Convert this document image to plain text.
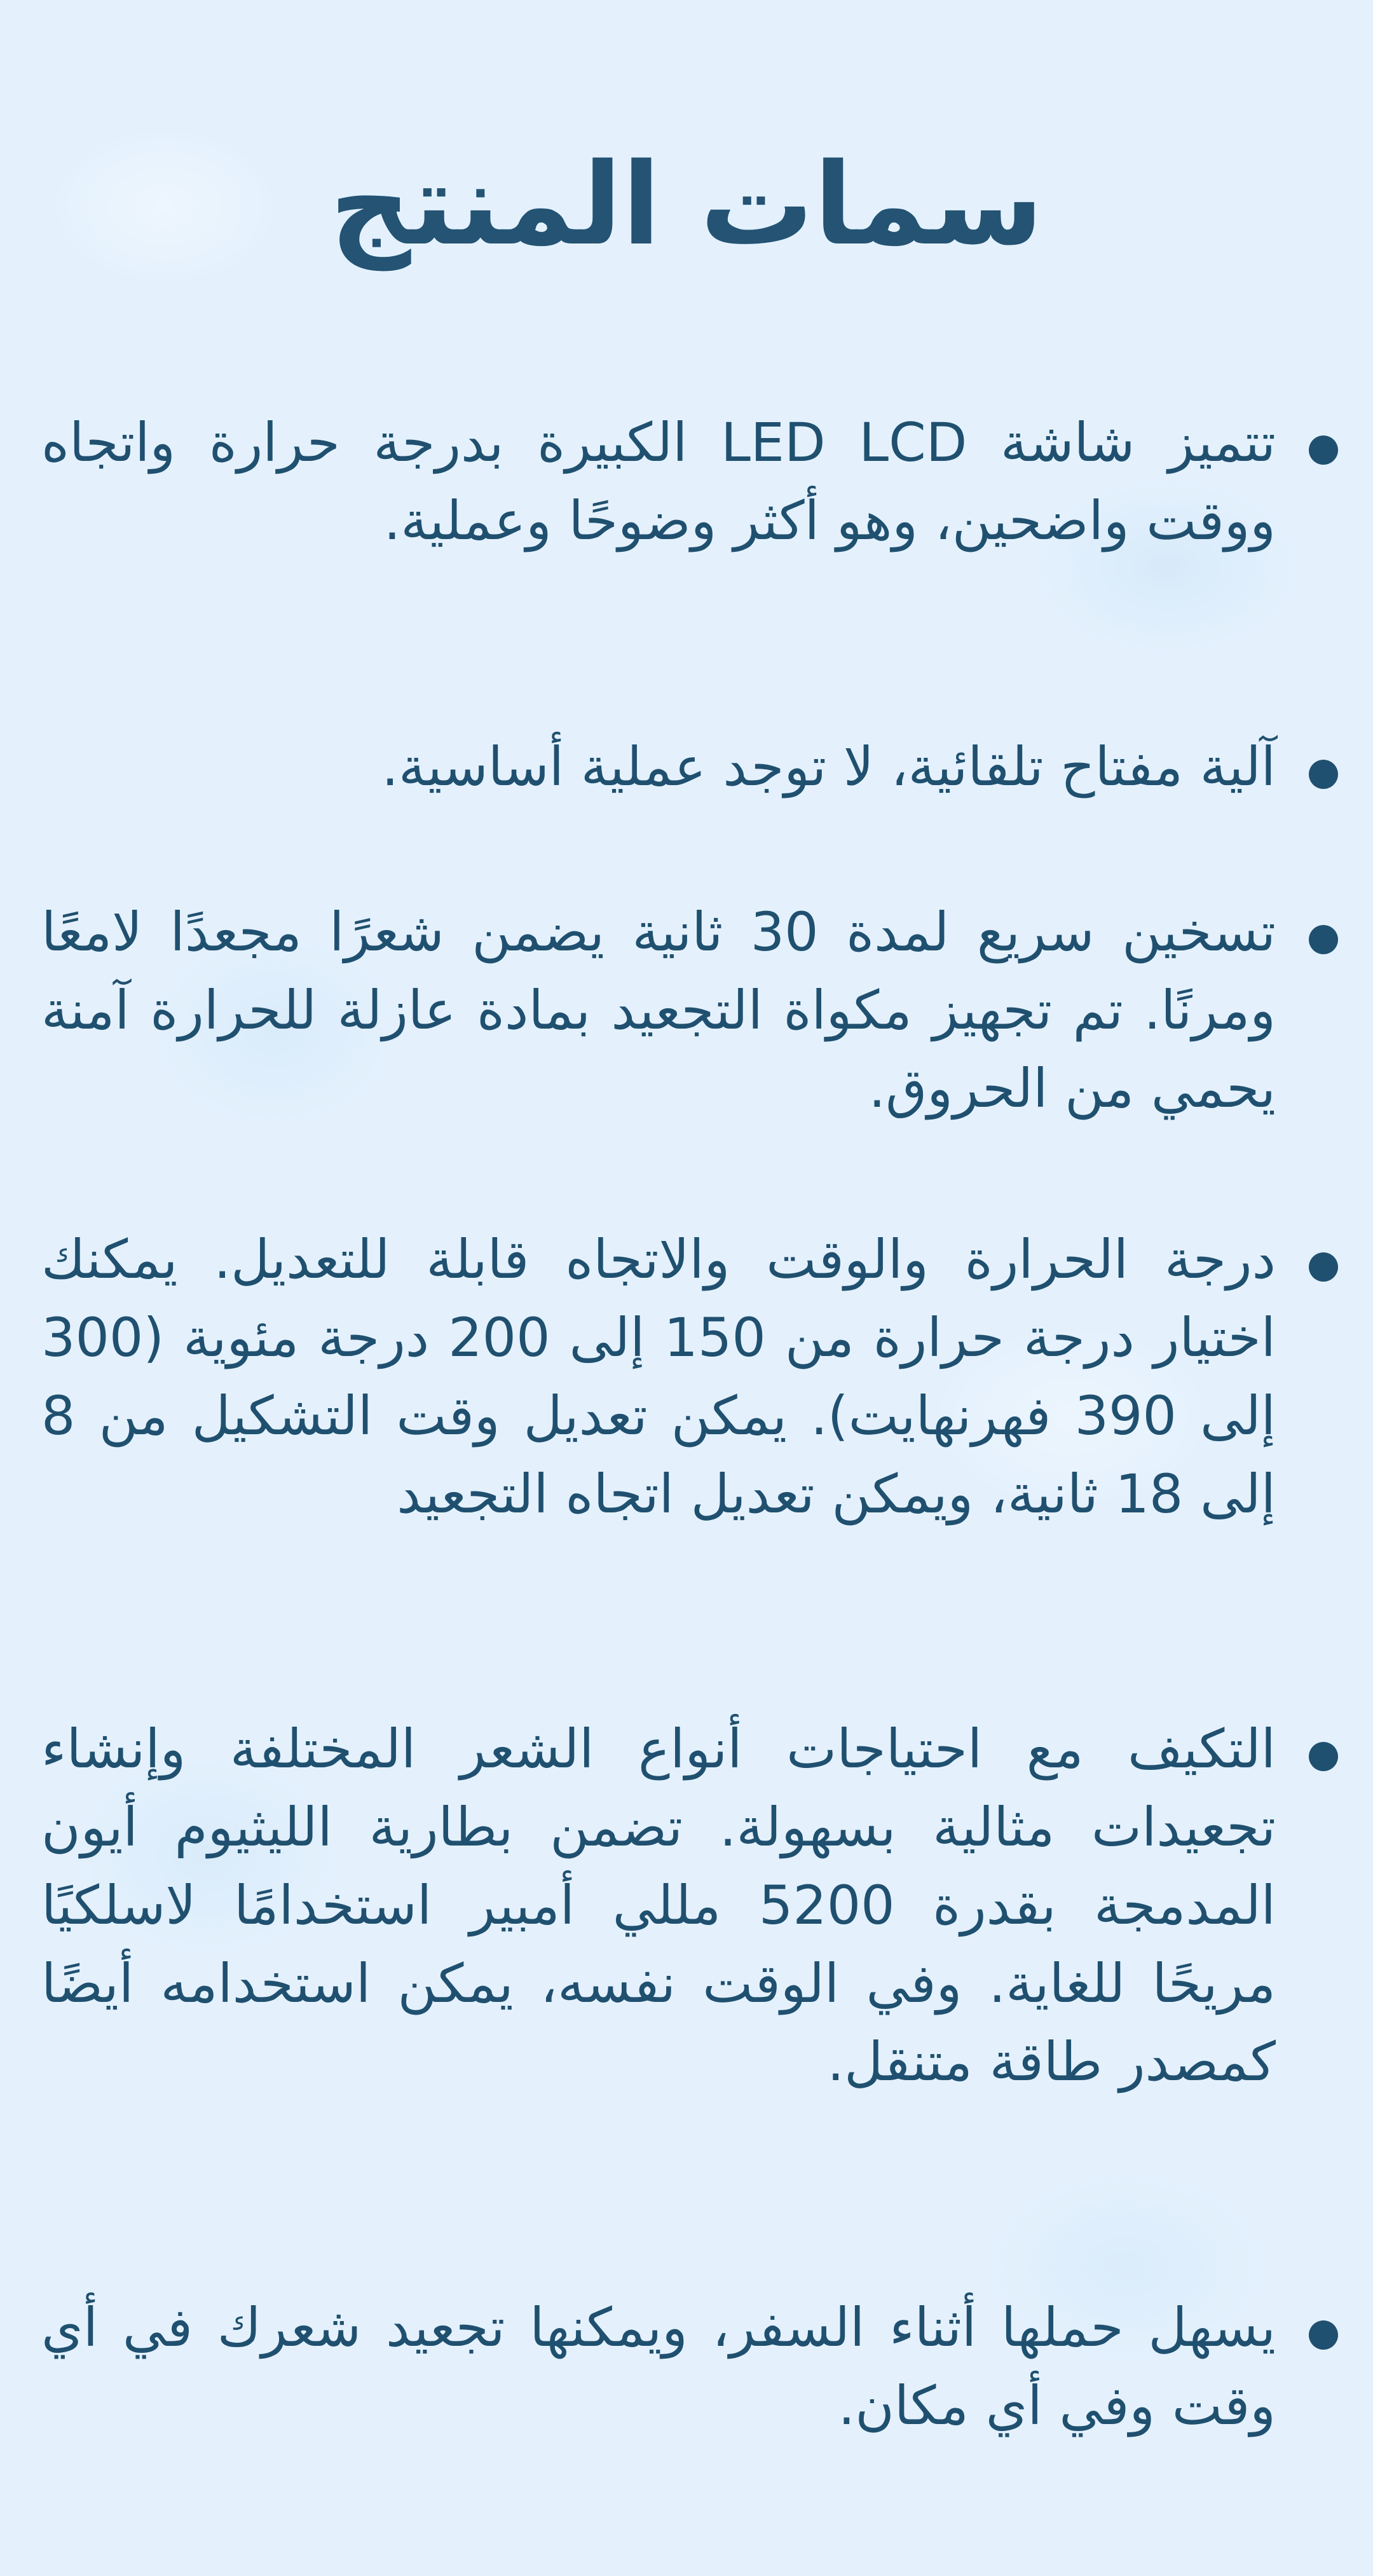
سمات المنتج

تتميز شاشة LED LCD الكبيرة بدرجة حرارة واتجاه ووقت واضحين، وهو أكثر وضوحًا وعملية.

آلية مفتاح تلقائية، لا توجد عملية أساسية.

تسخين سريع لمدة 30 ثانية يضمن شعرًا مجعدًا لامعًا ومرنًا. تم تجهيز مكواة التجعيد بمادة عازلة للحرارة آمنة يحمي من الحروق.

درجة الحرارة والوقت والاتجاه قابلة للتعديل. يمكنك اختيار درجة حرارة من 150 إلى 200 درجة مئوية (300 إلى 390 فهرنهايت). يمكن تعديل وقت التشكيل من 8 إلى 18 ثانية، ويمكن تعديل اتجاه التجعيد

التكيف مع احتياجات أنواع الشعر المختلفة وإنشاء تجعيدات مثالية بسهولة. تضمن بطارية الليثيوم أيون المدمجة بقدرة 5200 مللي أمبير استخدامًا لاسلكيًا مريحًا للغاية. وفي الوقت نفسه، يمكن استخدامه أيضًا كمصدر طاقة متنقل.

يسهل حملها أثناء السفر، ويمكنها تجعيد شعرك في أي وقت وفي أي مكان.
